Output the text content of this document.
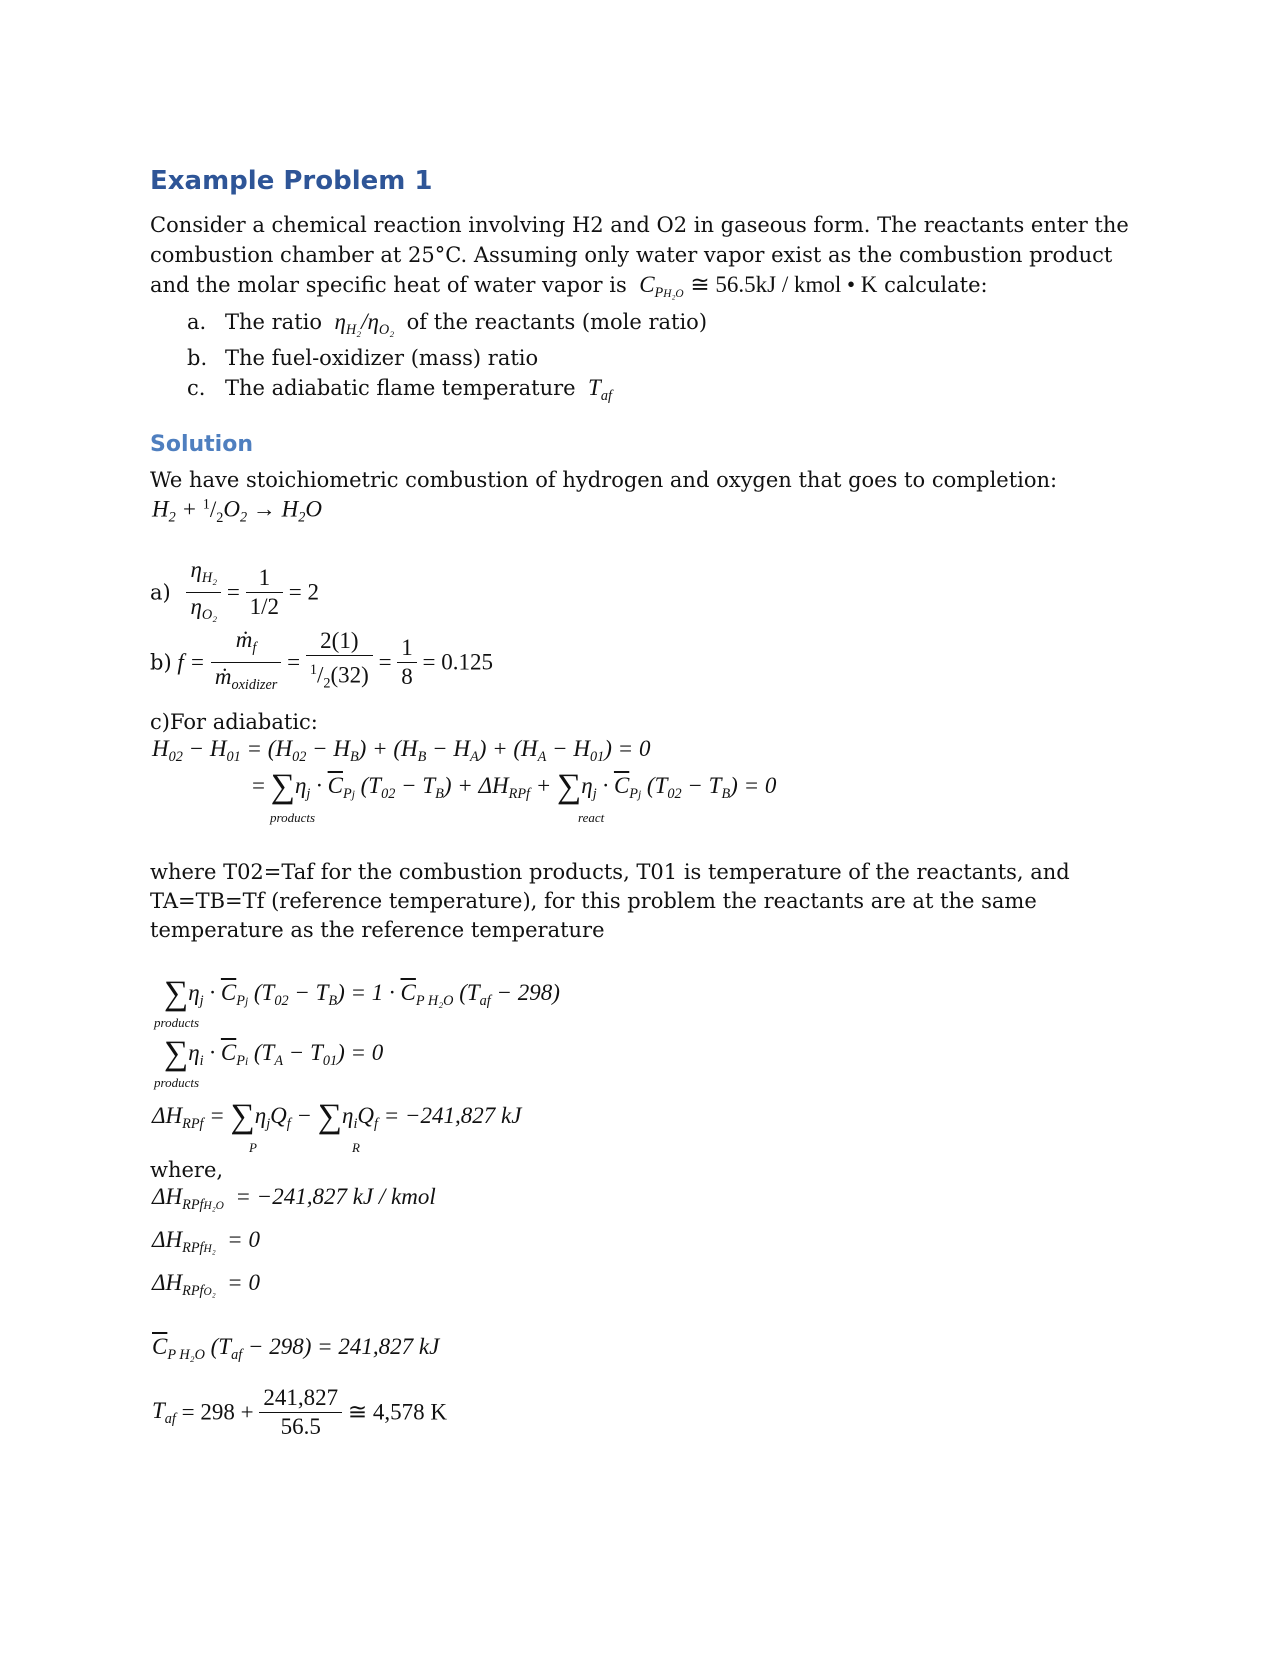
Example Problem 1
Consider a chemical reaction involving H2 and O2 in gaseous form. The reactants enter the
combustion chamber at 25°C. Assuming only water vapor exist as the combustion product
and the molar specific heat of water vapor is  $C_{PH_2O}$ ≅ 56.5kJ / kmol • K calculate:
a. The ratio  $\eta_{H_2}/\eta_{O_2}$ of the reactants (mole ratio)
b. The fuel-oxidizer (mass) ratio
c. The adiabatic flame temperature  $T_{af}$
Solution
We have stoichiometric combustion of hydrogen and oxygen that goes to completion:
$H_2 + ^1/_2O_2 \to H_2O$
$a) \frac{\eta_{H_2}}{\eta_{O_2}} = \frac{1}{1/2} = 2$
b) $f = \frac{ṁ_f}{ṁ_{oxidizer}} = \frac{2(1)}{^1/_2(32)} = \frac{1}{8} = 0.125$
c)For adiabatic:
$H_{02} - H_{01} = (H_{02} - H_B) + (H_B - H_A) + (H_A - H_{01}) = 0$
= $\sum\eta_j \cdot \overline{C}_{Pj}$ $(T_{02} - T_B) + \Delta H_{RPf} + \sum\eta_j \cdot \overline{C}_{Pj}$ $(T_{02} - T_B) = 0$
products	react
where T02=Taf for the combustion products, T01 is temperature of the reactants, and
TA=TB=Tf (reference temperature), for this problem the reactants are at the same
temperature as the reference temperature
$\sum\eta_j \cdot \overline{C}_{Pj}$ $(T_{02} - T_B) = 1 \cdot \overline{C}_{P H_2O}$ $(T_{af} - 298)$
products
$\sum\eta_i \cdot \overline{C}_{Pi}$ $(T_A - T_{01}) = 0$
products
$\Delta H_{RPf} = \sum\eta_jQ_f - \sum\eta_iQ_f = -241,827$ kJ
P	R
where,
$\Delta H_{RPfH_2O} = -241,827$ kJ / kmol
$\Delta H_{RPfH_2} = 0$
$\Delta H_{RPfO_2} = 0$
$\overline{C}_{P H_2O}$ $(T_{af} - 298) = 241,827$ kJ
$T_{af} = 298 + \frac{241,827}{56.5}$ ≅ 4,578 K
